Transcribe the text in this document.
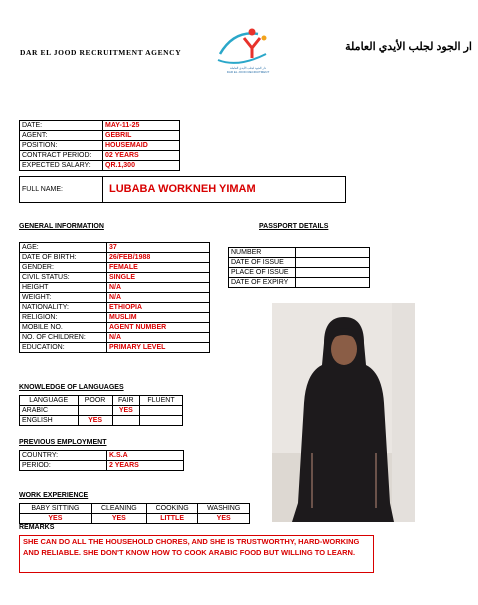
DAR EL JOOD RECRUITMENT AGENCY
دار الجود لجلب الأيدي العاملة
DAR EL JOOD RECRUITMENT
ار الجود لجلب الأيدي العاملة
DATE:	MAY-11-25
AGENT:	GEBRIL
POSITION:	HOUSEMAID
CONTRACT PERIOD:	02 YEARS
EXPECTED SALARY:	QR.1,300
FULL NAME:	LUBABA WORKNEH YIMAM
GENERAL INFORMATION
AGE:	37
DATE OF BIRTH:	26/FEB/1988
GENDER:	FEMALE
CIVIL STATUS:	SINGLE
HEIGHT	N/A
WEIGHT:	N/A
NATIONALITY:	ETHIOPIA
RELIGION:	MUSLIM
MOBILE NO.	AGENT NUMBER
NO. OF CHILDREN:	N/A
EDUCATION:	PRIMARY LEVEL
PASSPORT DETAILS
NUMBER	
DATE OF ISSUE	
PLACE OF ISSUE	
DATE OF EXPIRY	
KNOWLEDGE OF LANGUAGES
LANGUAGE	POOR	FAIR	FLUENT
ARABIC		YES	
ENGLISH	YES		
PREVIOUS EMPLOYMENT
COUNTRY:	K.S.A
PERIOD:	2 YEARS
WORK EXPERIENCE
BABY SITTING	CLEANING	COOKING	WASHING
YES	YES	LITTLE	YES
REMARKS
SHE CAN DO ALL THE HOUSEHOLD CHORES, AND SHE IS TRUSTWORTHY, HARD-WORKING AND RELIABLE. SHE DON'T KNOW HOW TO COOK ARABIC FOOD BUT WILLING TO LEARN.
